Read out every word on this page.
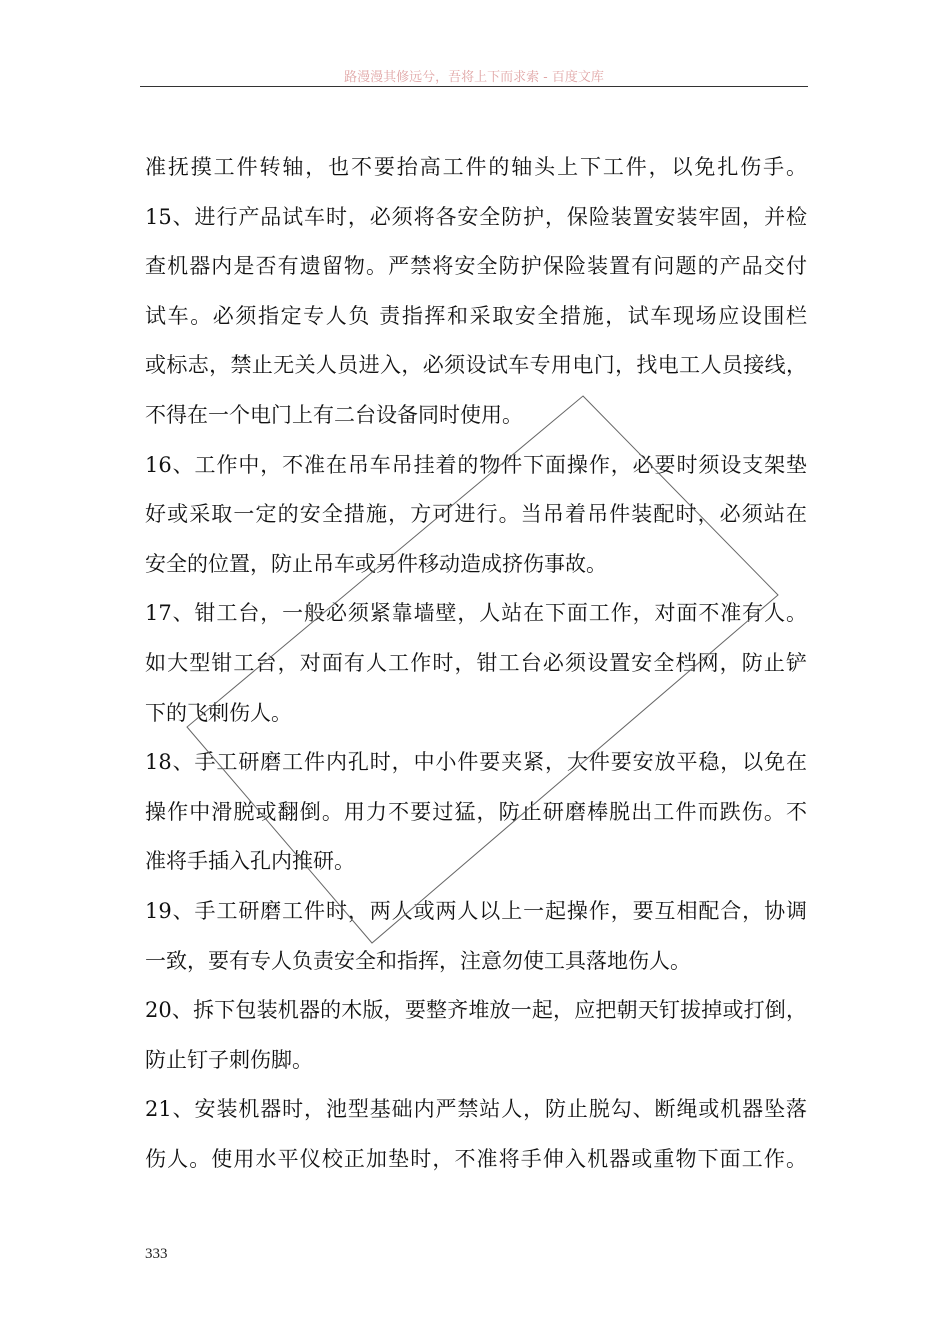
路漫漫其修远兮，吾将上下而求索 - 百度文库
准抚摸工件转轴，也不要抬高工件的轴头上下工件，以免扎伤手。
15、进行产品试车时，必须将各安全防护，保险装置安装牢固，并检
查机器内是否有遗留物。严禁将安全防护保险装置有问题的产品交付
试车。必须指定专人负 责指挥和采取安全措施，试车现场应设围栏
或标志，禁止无关人员进入，必须设试车专用电门，找电工人员接线，
不得在一个电门上有二台设备同时使用。
16、工作中，不准在吊车吊挂着的物件下面操作，必要时须设支架垫
好或采取一定的安全措施，方可进行。当吊着吊件装配时，必须站在
安全的位置，防止吊车或另件移动造成挤伤事故。
17、钳工台，一般必须紧靠墙壁，人站在下面工作，对面不准有人。
如大型钳工台，对面有人工作时，钳工台必须设置安全档网，防止铲
下的飞刺伤人。
18、手工研磨工件内孔时，中小件要夹紧，大件要安放平稳，以免在
操作中滑脱或翻倒。用力不要过猛，防止研磨棒脱出工件而跌伤。不
准将手插入孔内推研。
19、手工研磨工件时，两人或两人以上一起操作，要互相配合，协调
一致，要有专人负责安全和指挥，注意勿使工具落地伤人。
20、拆下包装机器的木版，要整齐堆放一起，应把朝天钉拔掉或打倒，
防止钉子刺伤脚。
21、安装机器时，池型基础内严禁站人，防止脱勾、断绳或机器坠落
伤人。使用水平仪校正加垫时，不准将手伸入机器或重物下面工作。
333
